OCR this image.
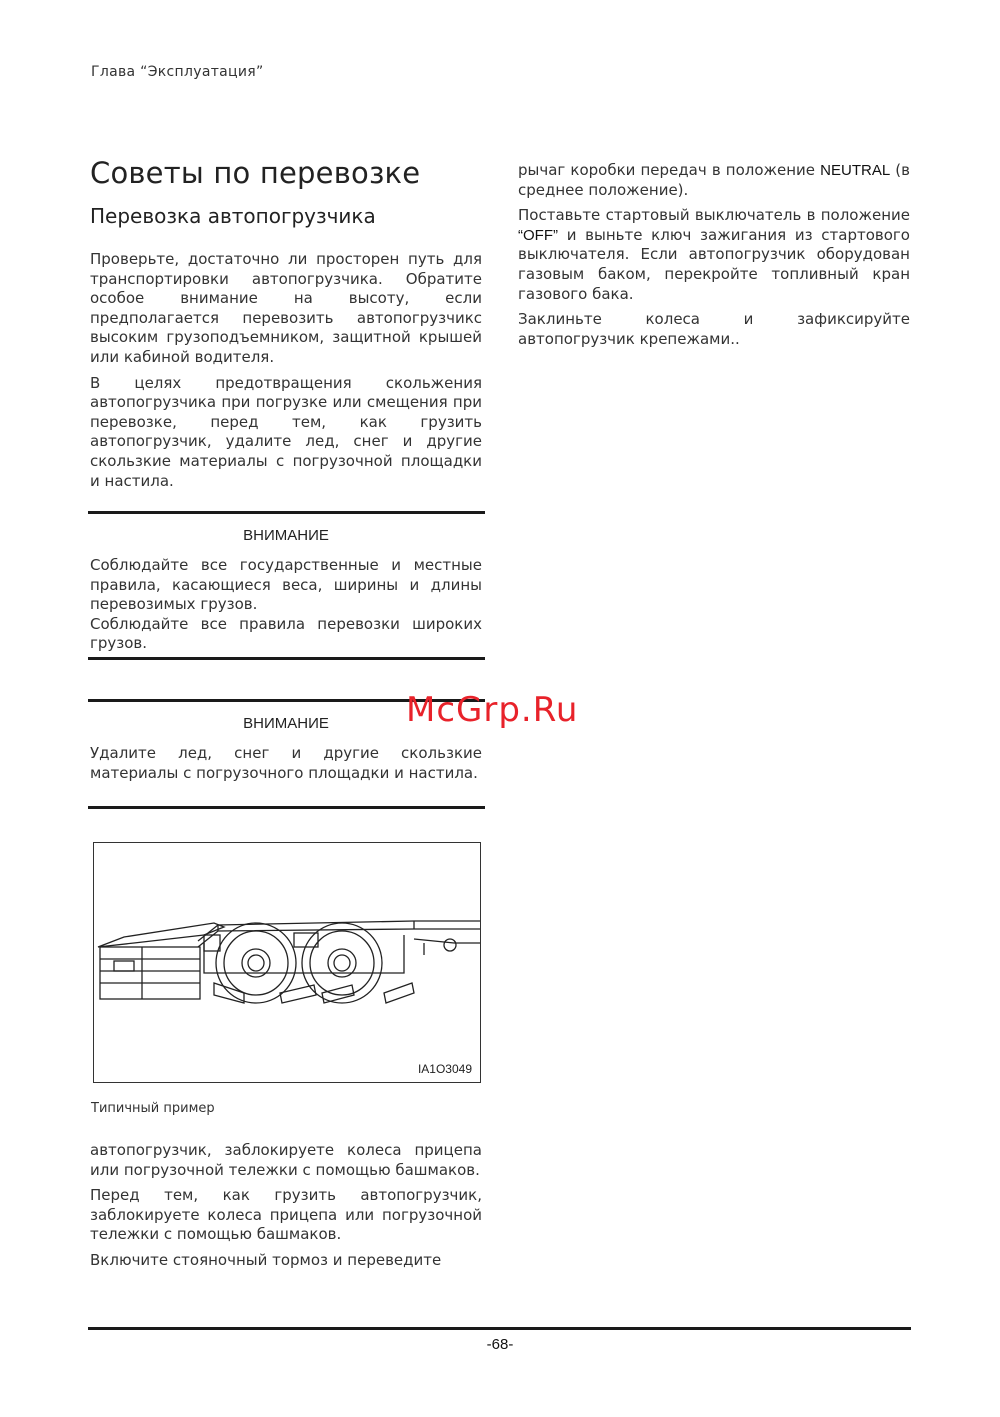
Глава “Эксплуатация”
Советы по перевозке
Перевозка автопогрузчика

Проверьте, достаточно ли просторен путь для транспортировки автопогрузчика. Обратите особое внимание на высоту, если предполагается перевозить автопогрузчикс высоким грузоподъемником, защитной крышей или кабиной водителя.

В целях предотвращения скольжения автопогрузчика при погрузке или смещения при перевозке, перед тем, как грузить автопогрузчик, удалите лед, снег и другие скользкие материалы с погрузочной площадки и настила.

ВНИМАНИЕ

Соблюдайте все государственные и местные правила, касающиеся веса, ширины и длины перевозимых грузов.

Соблюдайте все правила перевозки широких грузов.

ВНИМАНИЕ

Удалите лед, снег и другие скользкие материалы с погрузочного площадки и настила.

McGrp.Ru
IA1O3049
Типичный пример

автопогрузчик, заблокируете колеса прицепа или погрузочной тележки с помощью башмаков.

Перед тем, как грузить автопогрузчик, заблокируете колеса прицепа или погрузочной тележки с помощью башмаков.

Включите стояночный тормоз и переведите

рычаг коробки передач в положение NEUTRAL (в среднее положение).

Поставьте стартовый выключатель в положение “OFF” и выньте ключ зажигания из стартового выключателя. Если автопогрузчик оборудован газовым баком, перекройте топливный кран газового бака.

Заклиньте колеса и зафиксируйте автопогрузчик крепежами..

-68-
